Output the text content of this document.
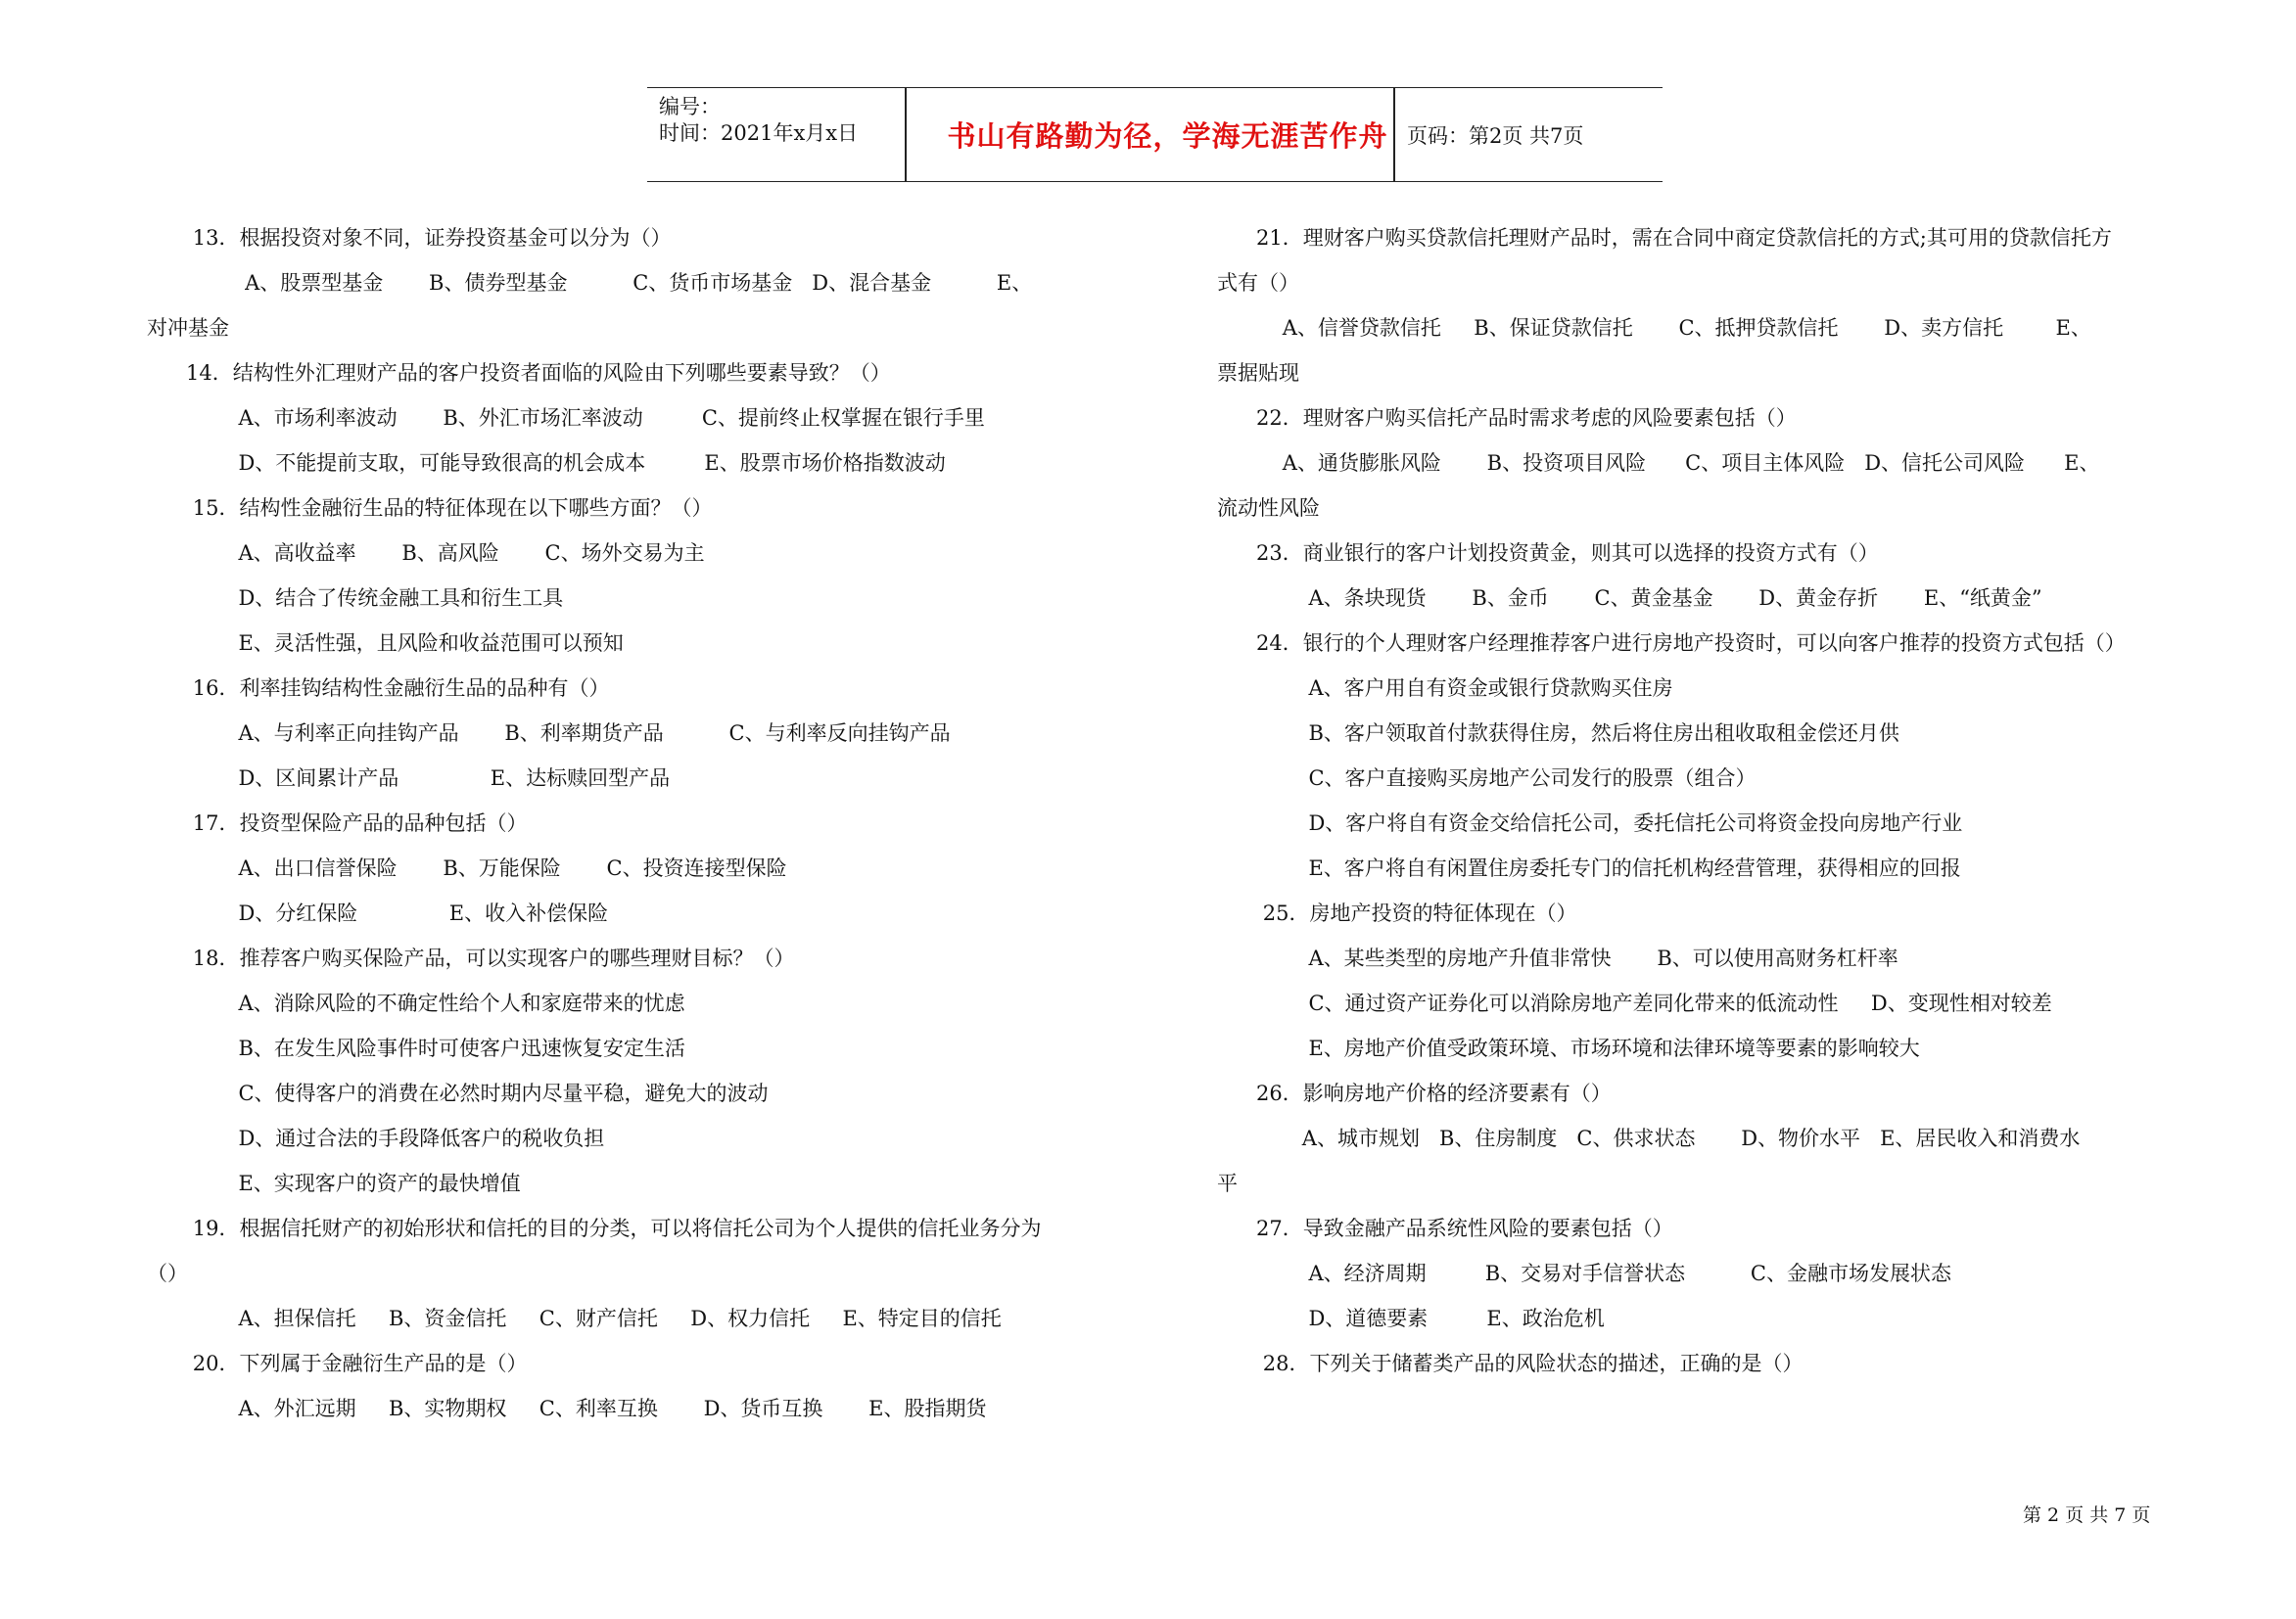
编号：
时间：2021年x月x日	书山有路勤为径，学海无涯苦作舟 页码：第2页 共7页
13．根据投资对象不同，证券投资基金可以分为（）
A、股票型基金       B、债券型基金          C、货币市场基金   D、混合基金          E、
对冲基金
14．结构性外汇理财产品的客户投资者面临的风险由下列哪些要素导致？（）
A、市场利率波动       B、外汇市场汇率波动         C、提前终止权掌握在银行手里
D、不能提前支取，可能导致很高的机会成本         E、股票市场价格指数波动
15．结构性金融衍生品的特征体现在以下哪些方面？（）
A、高收益率       B、高风险       C、场外交易为主
D、结合了传统金融工具和衍生工具
E、灵活性强，且风险和收益范围可以预知
16．利率挂钩结构性金融衍生品的品种有（）
A、与利率正向挂钩产品       B、利率期货产品          C、与利率反向挂钩产品
D、区间累计产品              E、达标赎回型产品
17．投资型保险产品的品种包括（）
A、出口信誉保险       B、万能保险       C、投资连接型保险
D、分红保险              E、收入补偿保险
18．推荐客户购买保险产品，可以实现客户的哪些理财目标？（）
A、消除风险的不确定性给个人和家庭带来的忧虑
B、在发生风险事件时可使客户迅速恢复安定生活
C、使得客户的消费在必然时期内尽量平稳，避免大的波动
D、通过合法的手段降低客户的税收负担
E、实现客户的资产的最快增值
19．根据信托财产的初始形状和信托的目的分类，可以将信托公司为个人提供的信托业务分为
（）
A、担保信托     B、资金信托     C、财产信托     D、权力信托     E、特定目的信托
20．下列属于金融衍生产品的是（）
A、外汇远期     B、实物期权     C、利率互换       D、货币互换       E、股指期货
21．理财客户购买贷款信托理财产品时，需在合同中商定贷款信托的方式;其可用的贷款信托方
式有（）
A、信誉贷款信托     B、保证贷款信托       C、抵押贷款信托       D、卖方信托        E、
票据贴现
22．理财客户购买信托产品时需求考虑的风险要素包括（）
A、通货膨胀风险       B、投资项目风险      C、项目主体风险   D、信托公司风险      E、
流动性风险
23．商业银行的客户计划投资黄金，则其可以选择的投资方式有（）
A、条块现货       B、金币       C、黄金基金       D、黄金存折       E、“纸黄金”
24．银行的个人理财客户经理推荐客户进行房地产投资时，可以向客户推荐的投资方式包括（）
A、客户用自有资金或银行贷款购买住房
B、客户领取首付款获得住房，然后将住房出租收取租金偿还月供
C、客户直接购买房地产公司发行的股票（组合）
D、客户将自有资金交给信托公司，委托信托公司将资金投向房地产行业
E、客户将自有闲置住房委托专门的信托机构经营管理，获得相应的回报
25．房地产投资的特征体现在（）
A、某些类型的房地产升值非常快       B、可以使用高财务杠杆率
C、通过资产证券化可以消除房地产差同化带来的低流动性     D、变现性相对较差
E、房地产价值受政策环境、市场环境和法律环境等要素的影响较大
26．影响房地产价格的经济要素有（）
A、城市规划   B、住房制度   C、供求状态       D、物价水平   E、居民收入和消费水
平
27．导致金融产品系统性风险的要素包括（）
A、经济周期         B、交易对手信誉状态          C、金融市场发展状态
D、道德要素         E、政治危机
28．下列关于储蓄类产品的风险状态的描述，正确的是（）
第 2 页 共 7 页
